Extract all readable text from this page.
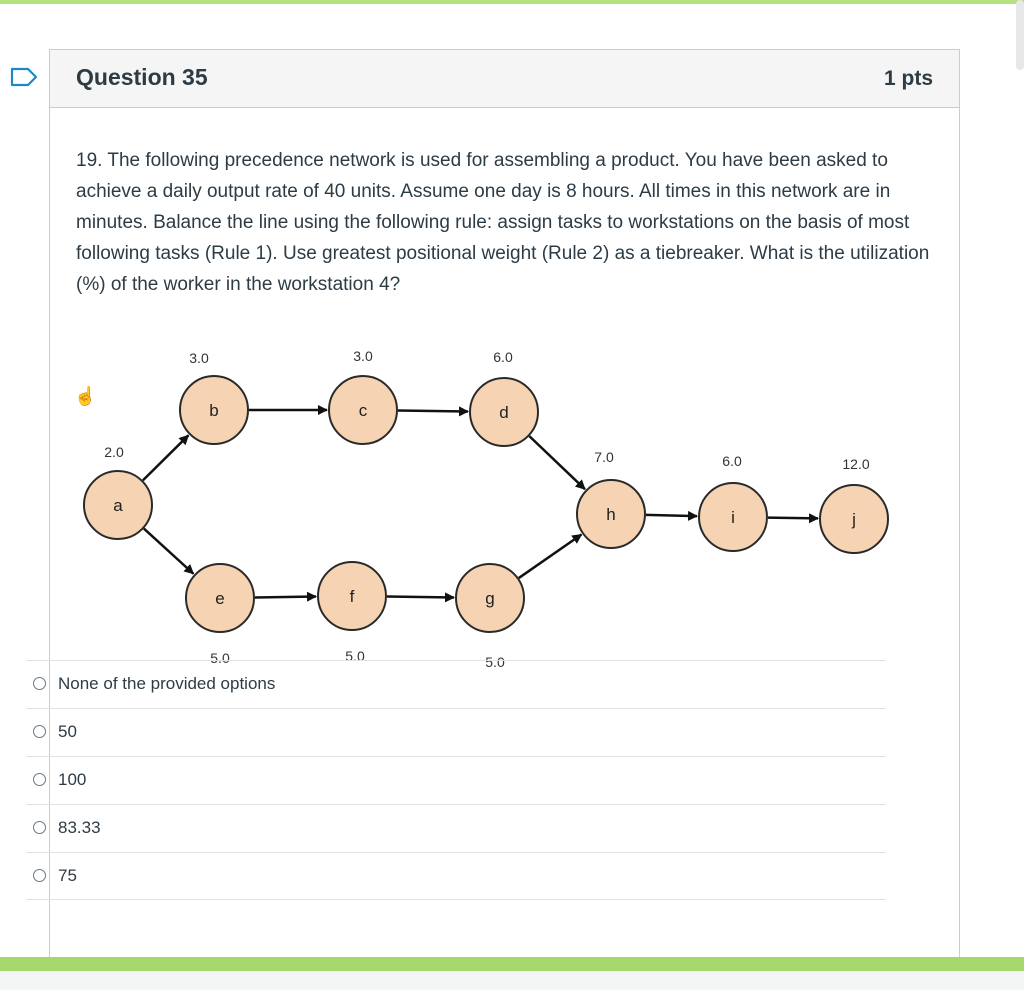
Question 35	1 pts
19. The following precedence network is used for assembling a product. You have been asked to achieve a daily output rate of 40 units. Assume one day is 8 hours. All times in this network are in minutes. Balance the line using the following rule: assign tasks to workstations on the basis of most following tasks (Rule 1). Use greatest positional weight (Rule 2) as a tiebreaker. What is the utilization (%) of the worker in the workstation 4?
a
b	c	d
e	f	g
h	i	j
2.0
3.0	3.0	6.0
5.0	5.0	5.0
7.0	6.0	12.0
☝
None of the provided options
50
100
83.33
75
